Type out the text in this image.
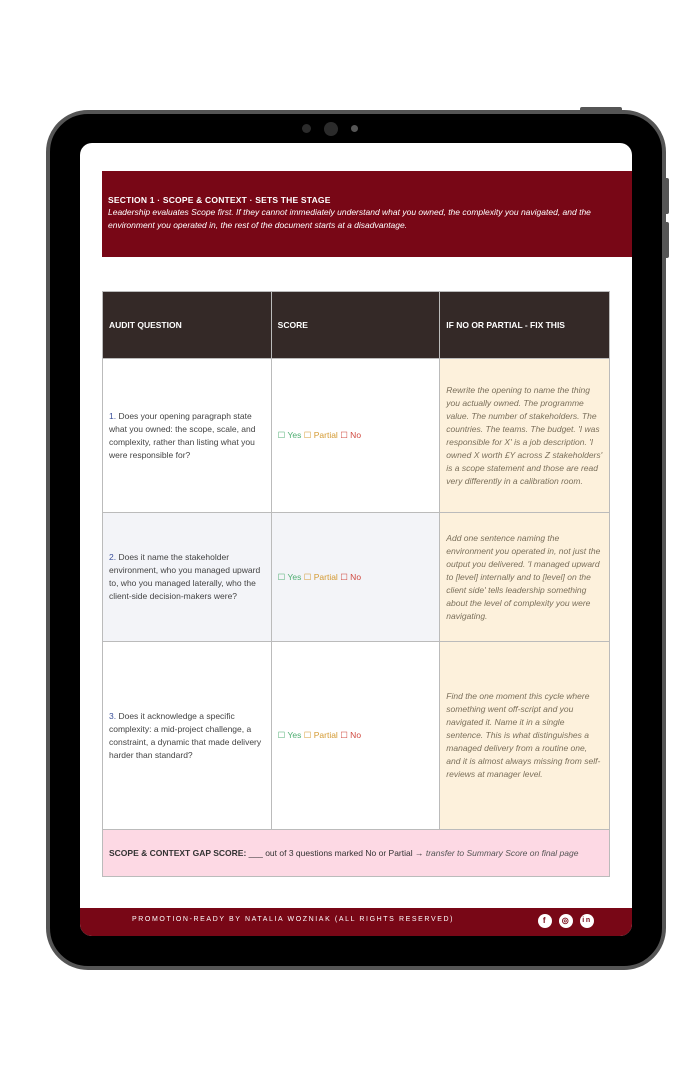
SECTION 1 · SCOPE & CONTEXT · SETS THE STAGE
Leadership evaluates Scope first. If they cannot immediately understand what you owned, the complexity you navigated, and the environment you operated in, the rest of the document starts at a disadvantage.
AUDIT QUESTION	SCORE	IF NO OR PARTIAL - FIX THIS
1. Does your opening paragraph state what you owned: the scope, scale, and complexity, rather than listing what you were responsible for?	☐ Yes ☐ Partial ☐ No	Rewrite the opening to name the thing you actually owned. The programme value. The number of stakeholders. The countries. The teams. The budget. 'I was responsible for X' is a job description. 'I owned X worth £Y across Z stakeholders' is a scope statement and those are read very differently in a calibration room.
2. Does it name the stakeholder environment, who you managed upward to, who you managed laterally, who the client-side decision-makers were?	☐ Yes ☐ Partial ☐ No	Add one sentence naming the environment you operated in, not just the output you delivered. 'I managed upward to [level] internally and to [level] on the client side' tells leadership something about the level of complexity you were navigating.
3. Does it acknowledge a specific complexity: a mid-project challenge, a constraint, a dynamic that made delivery harder than standard?	☐ Yes ☐ Partial ☐ No	Find the one moment this cycle where something went off-script and you navigated it. Name it in a single sentence. This is what distinguishes a managed delivery from a routine one, and it is almost always missing from self-reviews at manager level.
SCOPE & CONTEXT GAP SCORE: ___ out of 3 questions marked No or Partial → transfer to Summary Score on final page		
PROMOTION-READY BY NATALIA WOZNIAK (ALL RIGHTS RESERVED)	f	◎	in
